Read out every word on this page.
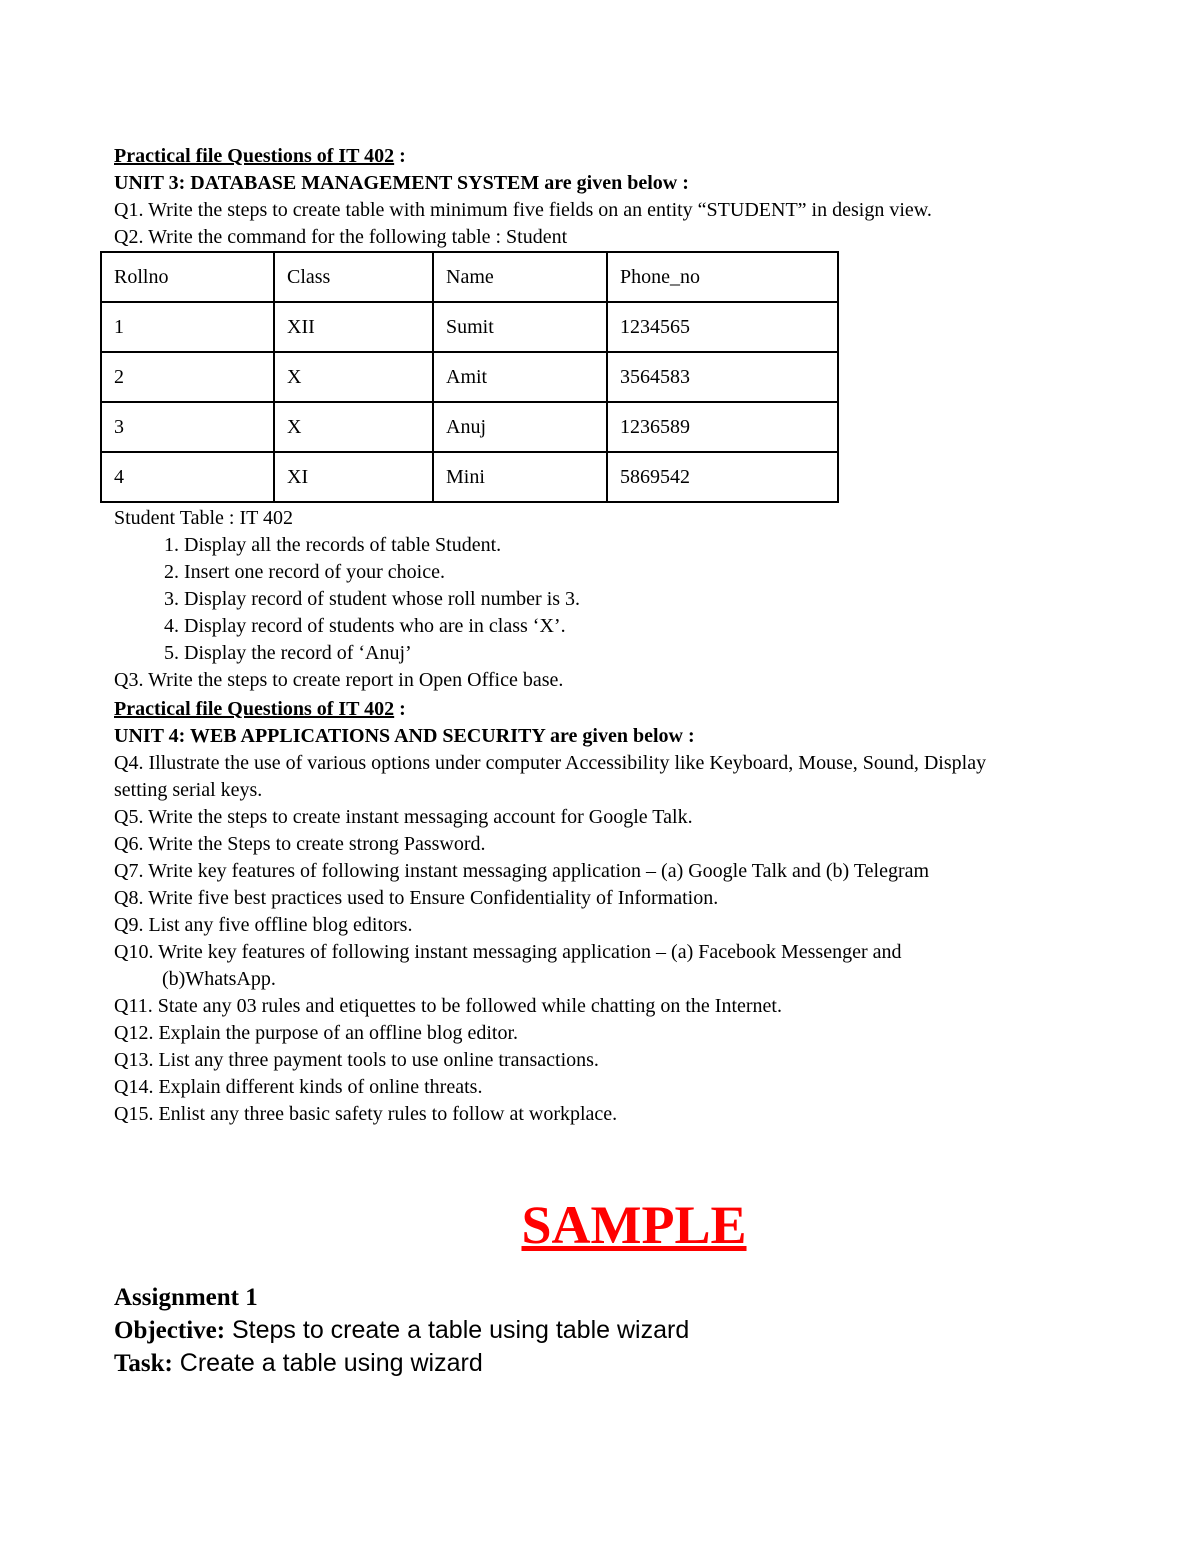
Practical file Questions of IT 402 :
UNIT 3: DATABASE MANAGEMENT SYSTEM are given below :
Q1. Write the steps to create table with minimum five fields on an entity “STUDENT” in design view.
Q2. Write the command for the following table : Student
Rollno	Class	Name	Phone_no
1	XII	Sumit	1234565
2	X	Amit	3564583
3	X	Anuj	1236589
4	XI	Mini	5869542
Student Table : IT 402
1. Display all the records of table Student.
2. Insert one record of your choice.
3. Display record of student whose roll number is 3.
4. Display record of students who are in class ‘X’.
5. Display the record of ‘Anuj’
Q3. Write the steps to create report in Open Office base.
Practical file Questions of IT 402 :
UNIT 4: WEB APPLICATIONS AND SECURITY are given below :
Q4. Illustrate the use of various options under computer Accessibility like Keyboard, Mouse, Sound, Display
setting serial keys.
Q5. Write the steps to create instant messaging account for Google Talk.
Q6. Write the Steps to create strong Password.
Q7. Write key features of following instant messaging application – (a) Google Talk and (b) Telegram
Q8. Write five best practices used to Ensure Confidentiality of Information.
Q9. List any five offline blog editors.
Q10. Write key features of following instant messaging application – (a) Facebook Messenger and
(b)WhatsApp.
Q11. State any 03 rules and etiquettes to be followed while chatting on the Internet.
Q12. Explain the purpose of an offline blog editor.
Q13. List any three payment tools to use online transactions.
Q14. Explain different kinds of online threats.
Q15. Enlist any three basic safety rules to follow at workplace.
SAMPLE
Assignment 1
Objective: Steps to create a table using table wizard
Task: Create a table using wizard
